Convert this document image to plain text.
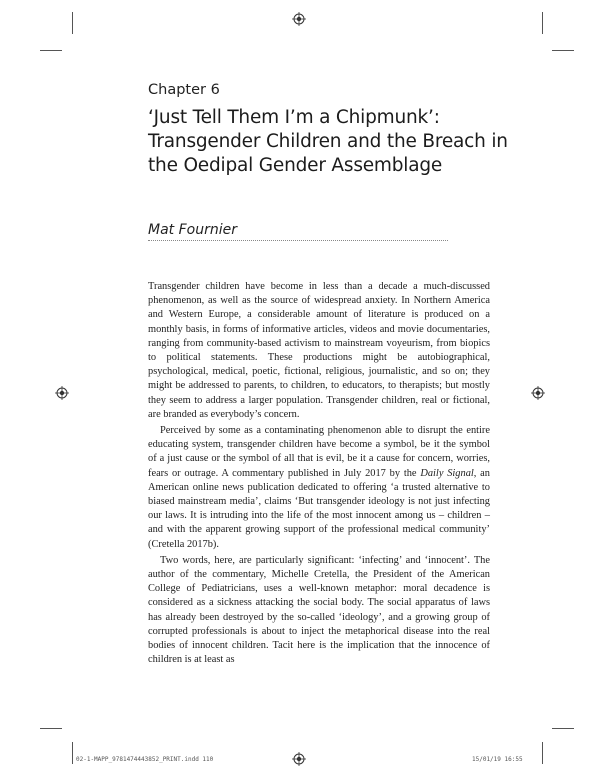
Chapter 6
‘Just Tell Them I’m a Chipmunk’:
Transgender Children and the Breach in
the Oedipal Gender Assemblage
Mat Fournier

Transgender children have become in less than a decade a much-discussed phenomenon, as well as the source of widespread anxiety. In Northern America and Western Europe, a considerable amount of literature is produced on a monthly basis, in forms of informative articles, videos and movie documentaries, ranging from community-based activism to mainstream voyeurism, from biopics to political statements. These productions might be autobiographical, psychological, medical, poetic, fictional, religious, journalistic, and so on; they might be addressed to parents, to children, to educators, to therapists; but mostly they seem to address a larger population. Transgender children, real or fictional, are branded as everybody’s concern.

Perceived by some as a contaminating phenomenon able to disrupt the entire educating system, transgender children have become a symbol, be it the symbol of a just cause or the symbol of all that is evil, be it a cause for concern, worries, fears or outrage. A commentary published in July 2017 by the Daily Signal, an American online news publication dedicated to offering ‘a trusted alternative to biased mainstream media’, claims ‘But transgender ideology is not just infecting our laws. It is intruding into the life of the most innocent among us – children – and with the apparent growing support of the professional medical community’ (Cretella 2017b).

Two words, here, are particularly significant: ‘infecting’ and ‘innocent’. The author of the commentary, Michelle Cretella, the President of the American College of Pediatricians, uses a well-known metaphor: moral decadence is considered as a sickness attacking the social body. The social apparatus of laws has already been destroyed by the so-called ‘ideology’, and a growing group of corrupted professionals is about to inject the metaphorical disease into the real bodies of innocent children. Tacit here is the implication that the innocence of children is at least as

02-1-MAPP_9781474443852_PRINT.indd 110	15/01/19 16:55
